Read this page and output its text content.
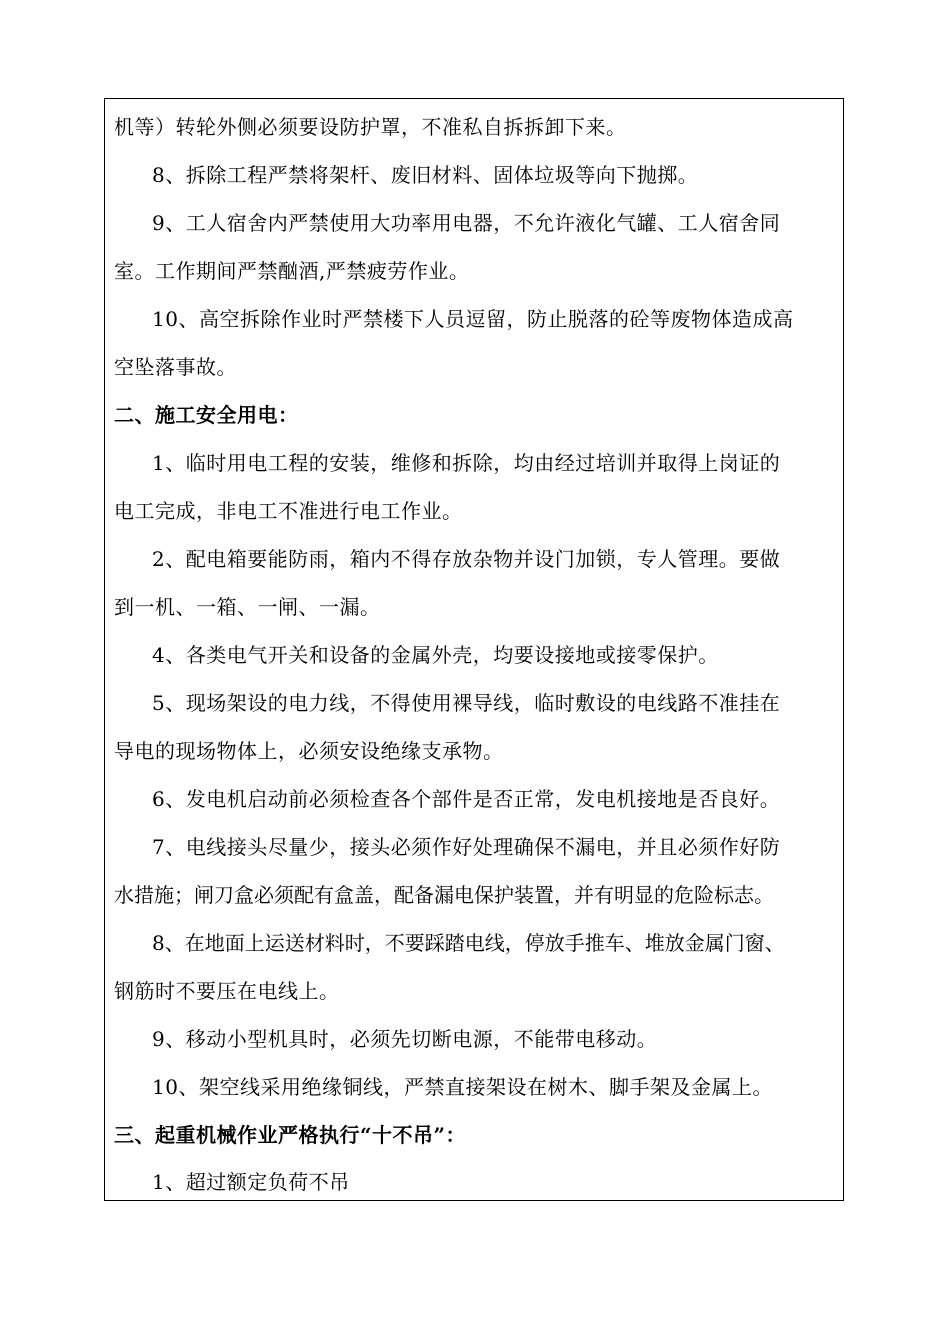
机等）转轮外侧必须要设防护罩，不准私自拆拆卸下来。
8、拆除工程严禁将架杆、废旧材料、固体垃圾等向下抛掷。
9、工人宿舍内严禁使用大功率用电器，不允许液化气罐、工人宿舍同
室。工作期间严禁酗酒,严禁疲劳作业。
10、高空拆除作业时严禁楼下人员逗留，防止脱落的砼等废物体造成高
空坠落事故。
二、施工安全用电：
1、临时用电工程的安装，维修和拆除，均由经过培训并取得上岗证的
电工完成，非电工不准进行电工作业。
2、配电箱要能防雨，箱内不得存放杂物并设门加锁，专人管理。要做
到一机、一箱、一闸、一漏。
4、各类电气开关和设备的金属外壳，均要设接地或接零保护。
5、现场架设的电力线，不得使用裸导线，临时敷设的电线路不准挂在
导电的现场物体上，必须安设绝缘支承物。
6、发电机启动前必须检查各个部件是否正常，发电机接地是否良好。
7、电线接头尽量少，接头必须作好处理确保不漏电，并且必须作好防
水措施；闸刀盒必须配有盒盖，配备漏电保护装置，并有明显的危险标志。
8、在地面上运送材料时，不要踩踏电线，停放手推车、堆放金属门窗、
钢筋时不要压在电线上。
9、移动小型机具时，必须先切断电源，不能带电移动。
10、架空线采用绝缘铜线，严禁直接架设在树木、脚手架及金属上。
三、起重机械作业严格执行“十不吊”：
1、超过额定负荷不吊
